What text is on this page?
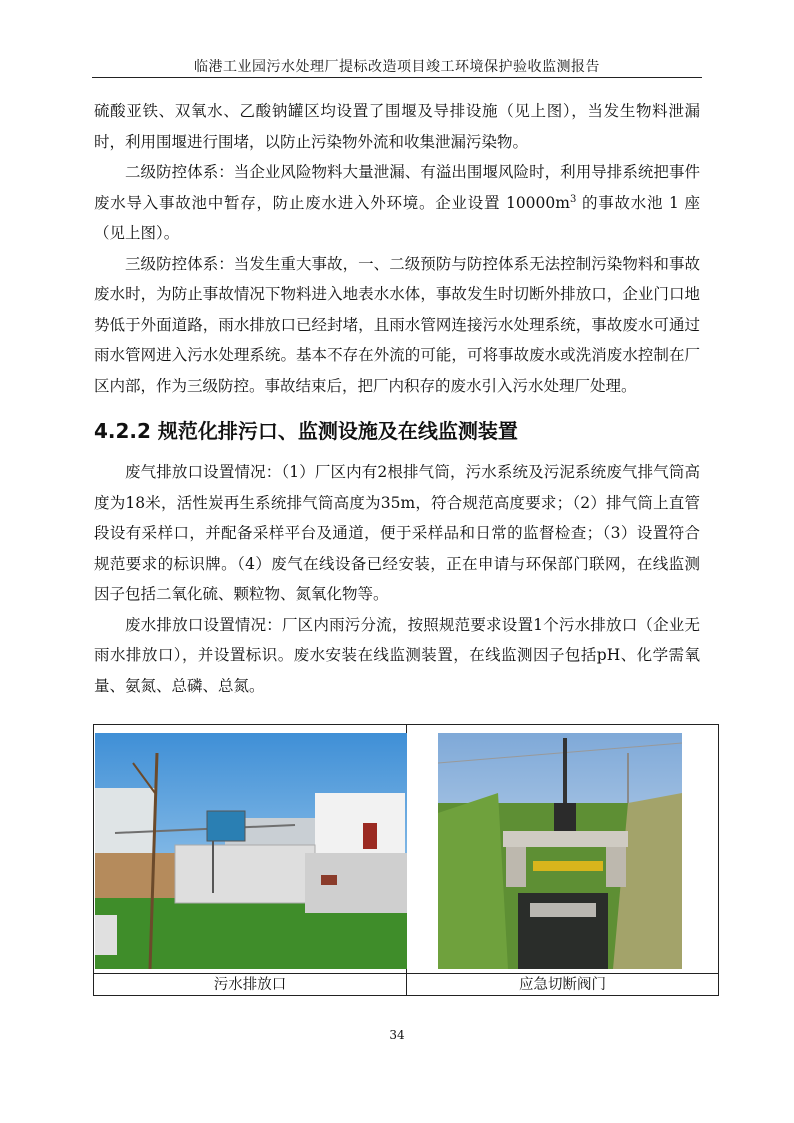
临港工业园污水处理厂提标改造项目竣工环境保护验收监测报告

硫酸亚铁、双氧水、乙酸钠罐区均设置了围堰及导排设施（见上图），当发生物料泄漏时，利用围堰进行围堵，以防止污染物外流和收集泄漏污染物。

二级防控体系：当企业风险物料大量泄漏、有溢出围堰风险时，利用导排系统把事件废水导入事故池中暂存，防止废水进入外环境。企业设置 $10000m^3$ 的事故水池 1 座（见上图）。

三级防控体系：当发生重大事故，一、二级预防与防控体系无法控制污染物料和事故废水时，为防止事故情况下物料进入地表水水体，事故发生时切断外排放口，企业门口地势低于外面道路，雨水排放口已经封堵，且雨水管网连接污水处理系统，事故废水可通过雨水管网进入污水处理系统。基本不存在外流的可能，可将事故废水或洗消废水控制在厂区内部，作为三级防控。事故结束后，把厂内积存的废水引入污水处理厂处理。

4.2.2 规范化排污口、监测设施及在线监测装置

废气排放口设置情况：（1）厂区内有2根排气筒，污水系统及污泥系统废气排气筒高度为18米，活性炭再生系统排气筒高度为35m，符合规范高度要求；（2）排气筒上直管段设有采样口，并配备采样平台及通道，便于采样品和日常的监督检查；（3）设置符合规范要求的标识牌。（4）废气在线设备已经安装，正在申请与环保部门联网，在线监测因子包括二氧化硫、颗粒物、氮氧化物等。

废水排放口设置情况：厂区内雨污分流，按照规范要求设置1个污水排放口（企业无雨水排放口），并设置标识。废水安装在线监测装置，在线监测因子包括pH、化学需氧量、氨氮、总磷、总氮。

污水排放口	应急切断阀门
34
